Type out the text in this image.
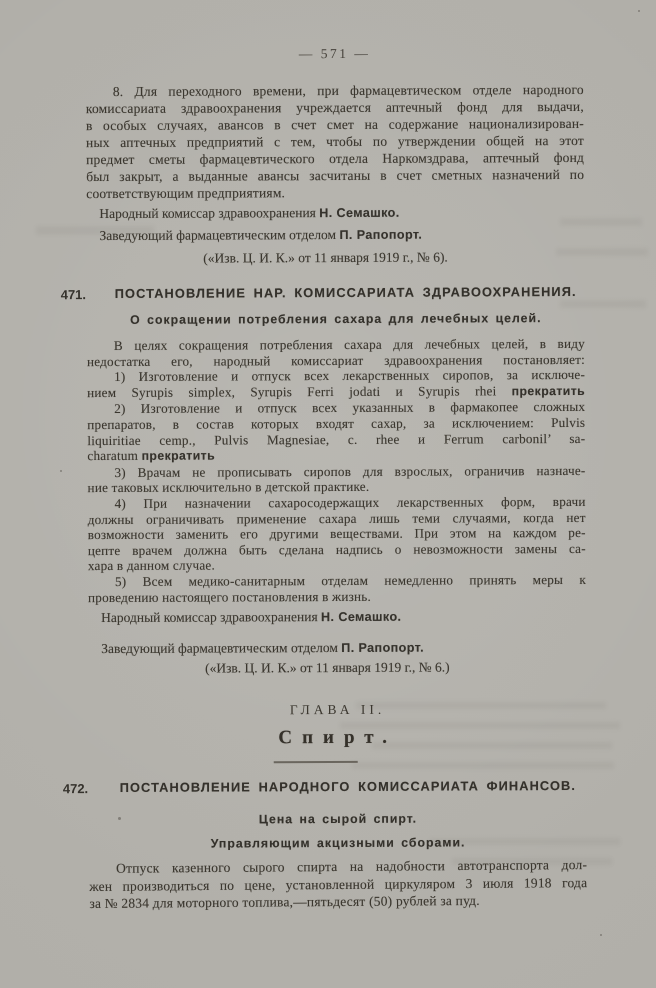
— 571 —
8. Для переходного времени, при фармацевтическом отделе народного
комиссариата здравоохранения учреждается аптечный фонд для выдачи,
в особых случаях, авансов в счет смет на содержание национализирован-
ных аптечных предприятий с тем, чтобы по утверждении общей на этот
предмет сметы фармацевтического отдела Наркомздрава, аптечный фонд
был закрыт, а выданные авансы засчитаны в счет сметных назначений по
соответствующим предприятиям.
Народный комиссар здравоохранения Н. Семашко.
Заведующий фармацевтическим отделом П. Рапопорт.
(«Изв. Ц. И. К.» от 11 января 1919 г., № 6).
471.	ПОСТАНОВЛЕНИЕ НАР. КОМИССАРИАТА ЗДРАВООХРАНЕНИЯ.
О сокращении потребления сахара для лечебных целей.
В целях сокращения потребления сахара для лечебных целей, в виду
недостатка его, народный комиссариат здравоохранения постановляет:
1) Изготовление и отпуск всех лекарственных сиропов, за исключе-
нием Syrupis simplex, Syrupis Ferri jodati и Syrupis rhei прекратить
2) Изготовление и отпуск всех указанных в фармакопее сложных
препаратов, в состав которых входят сахар, за исключением: Pulvis
liquiritiae cemp., Pulvis Magnesiae, c. rhee и Ferrum carbonil’ sa-
charatum прекратить
3) Врачам не прописывать сиропов для взрослых, ограничив назначе-
ние таковых исключительно в детской практике.
4) При назначении сахаросодержащих лекарственных форм, врачи
должны ограничивать применение сахара лишь теми случаями, когда нет
возможности заменить его другими веществами. При этом на каждом ре-
цепте врачем должна быть сделана надпись о невозможности замены са-
хара в данном случае.
5) Всем медико-санитарным отделам немедленно принять меры к
проведению настоящего постановления в жизнь.
Народный комиссар здравоохранения Н. Семашко.
Заведующий фармацевтическим отделом П. Рапопорт.
(«Изв. Ц. И. К.» от 11 января 1919 г., № 6.)
ГЛАВА II.
Спирт.
472.	ПОСТАНОВЛЕНИЕ НАРОДНОГО КОМИССАРИАТА ФИНАНСОВ.
Цена на сырой спирт.
Управляющим акцизными сборами.
Отпуск казенного сырого спирта на надобности автотранспорта дол-
жен производиться по цене, установленной циркуляром 3 июля 1918 года
за № 2834 для моторного топлива,—пятьдесят (50) рублей за пуд.
